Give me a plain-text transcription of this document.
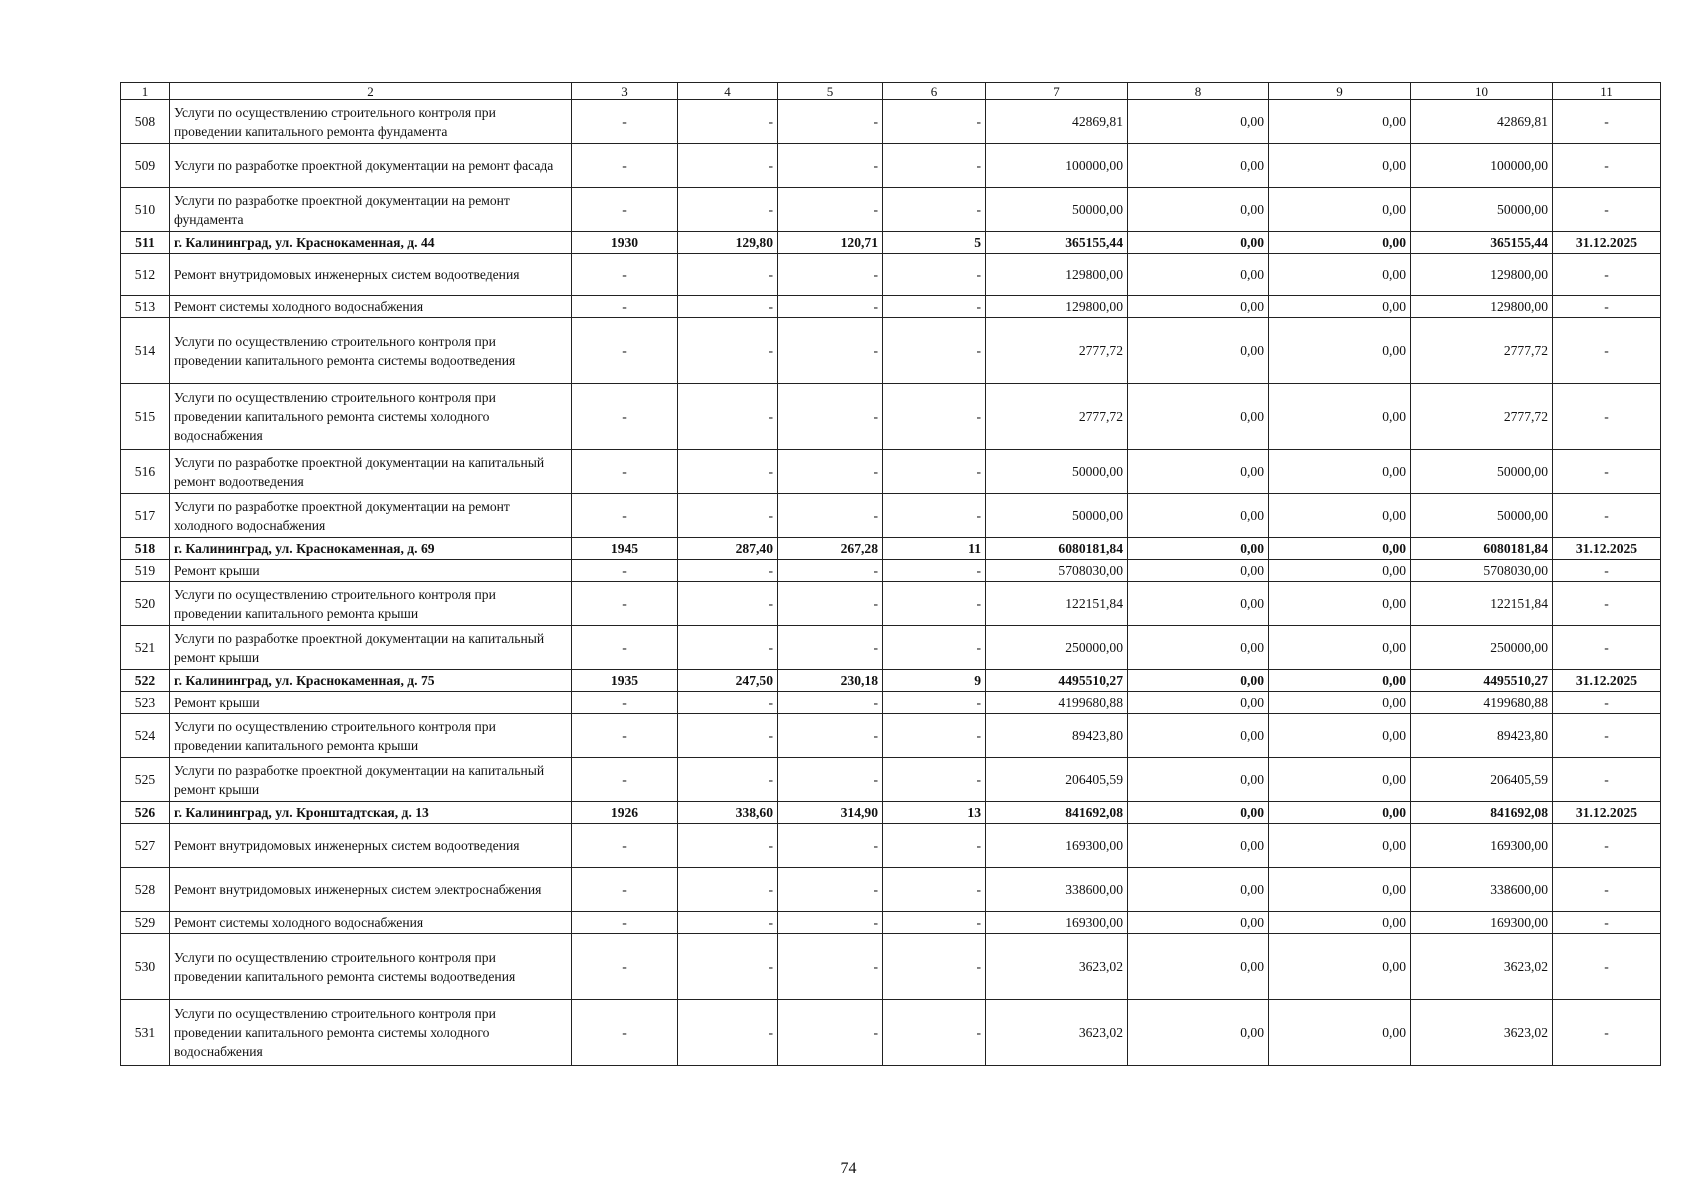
1	2	3	4	5	6	7	8	9	10	11
508	Услуги по осуществлению строительного контроля при проведении капитального ремонта фундамента	-	-	-	-	42869,81	0,00	0,00	42869,81	-
509	Услуги по разработке проектной документации на ремонт фасада	-	-	-	-	100000,00	0,00	0,00	100000,00	-
510	Услуги по разработке проектной документации на ремонт фундамента	-	-	-	-	50000,00	0,00	0,00	50000,00	-
511	г. Калининград, ул. Краснокаменная, д. 44	1930	129,80	120,71	5	365155,44	0,00	0,00	365155,44	31.12.2025
512	Ремонт внутридомовых инженерных систем водоотведения	-	-	-	-	129800,00	0,00	0,00	129800,00	-
513	Ремонт системы холодного водоснабжения	-	-	-	-	129800,00	0,00	0,00	129800,00	-
514	Услуги по осуществлению строительного контроля при проведении капитального ремонта системы водоотведения	-	-	-	-	2777,72	0,00	0,00	2777,72	-
515	Услуги по осуществлению строительного контроля при проведении капитального ремонта системы холодного водоснабжения	-	-	-	-	2777,72	0,00	0,00	2777,72	-
516	Услуги по разработке проектной документации на капитальный ремонт водоотведения	-	-	-	-	50000,00	0,00	0,00	50000,00	-
517	Услуги по разработке проектной документации на ремонт холодного водоснабжения	-	-	-	-	50000,00	0,00	0,00	50000,00	-
518	г. Калининград, ул. Краснокаменная, д. 69	1945	287,40	267,28	11	6080181,84	0,00	0,00	6080181,84	31.12.2025
519	Ремонт крыши	-	-	-	-	5708030,00	0,00	0,00	5708030,00	-
520	Услуги по осуществлению строительного контроля при проведении капитального ремонта крыши	-	-	-	-	122151,84	0,00	0,00	122151,84	-
521	Услуги по разработке проектной документации на капитальный ремонт крыши	-	-	-	-	250000,00	0,00	0,00	250000,00	-
522	г. Калининград, ул. Краснокаменная, д. 75	1935	247,50	230,18	9	4495510,27	0,00	0,00	4495510,27	31.12.2025
523	Ремонт крыши	-	-	-	-	4199680,88	0,00	0,00	4199680,88	-
524	Услуги по осуществлению строительного контроля при проведении капитального ремонта крыши	-	-	-	-	89423,80	0,00	0,00	89423,80	-
525	Услуги по разработке проектной документации на капитальный ремонт крыши	-	-	-	-	206405,59	0,00	0,00	206405,59	-
526	г. Калининград, ул. Кронштадтская, д. 13	1926	338,60	314,90	13	841692,08	0,00	0,00	841692,08	31.12.2025
527	Ремонт внутридомовых инженерных систем водоотведения	-	-	-	-	169300,00	0,00	0,00	169300,00	-
528	Ремонт внутридомовых инженерных систем электроснабжения	-	-	-	-	338600,00	0,00	0,00	338600,00	-
529	Ремонт системы холодного водоснабжения	-	-	-	-	169300,00	0,00	0,00	169300,00	-
530	Услуги по осуществлению строительного контроля при проведении капитального ремонта системы водоотведения	-	-	-	-	3623,02	0,00	0,00	3623,02	-
531	Услуги по осуществлению строительного контроля при проведении капитального ремонта системы холодного водоснабжения	-	-	-	-	3623,02	0,00	0,00	3623,02	-
74
